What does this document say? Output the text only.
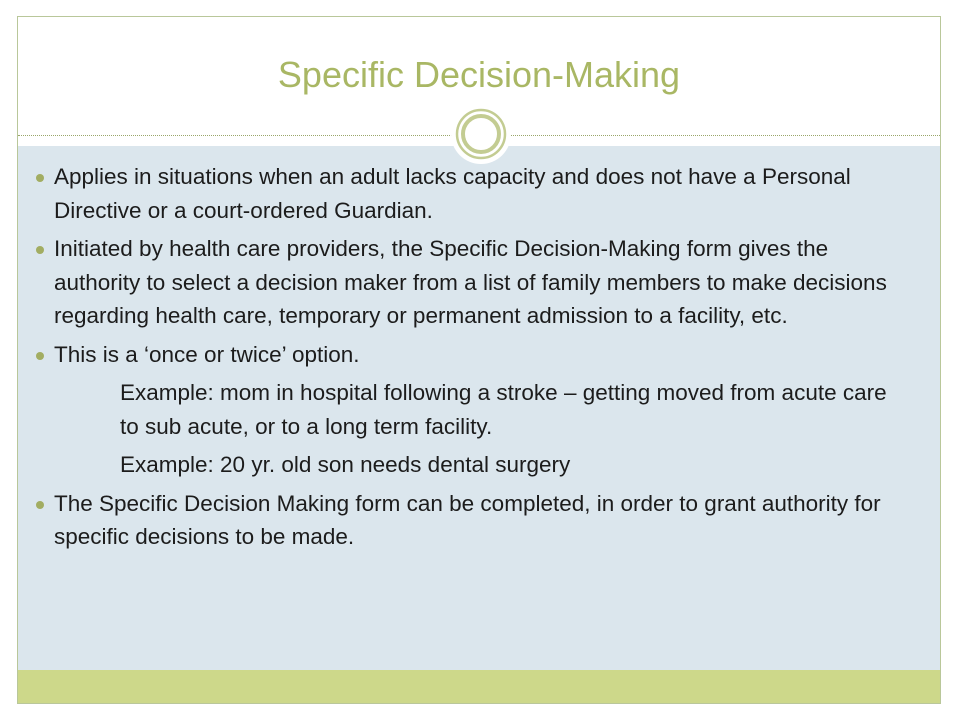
Specific Decision-Making
Applies in situations when an adult lacks capacity and does not have a Personal Directive or a court-ordered Guardian.
Initiated by health care providers, the Specific Decision-Making form gives the authority to select a decision maker from a list of family members to make decisions regarding health care, temporary or permanent admission to a facility, etc.
This is a ‘once or twice’ option.
Example: mom in hospital following a stroke – getting moved from acute care to sub acute, or to a long term facility.
Example: 20 yr. old son needs dental surgery
The Specific Decision Making form can be completed, in order to grant authority for specific decisions to be made.
